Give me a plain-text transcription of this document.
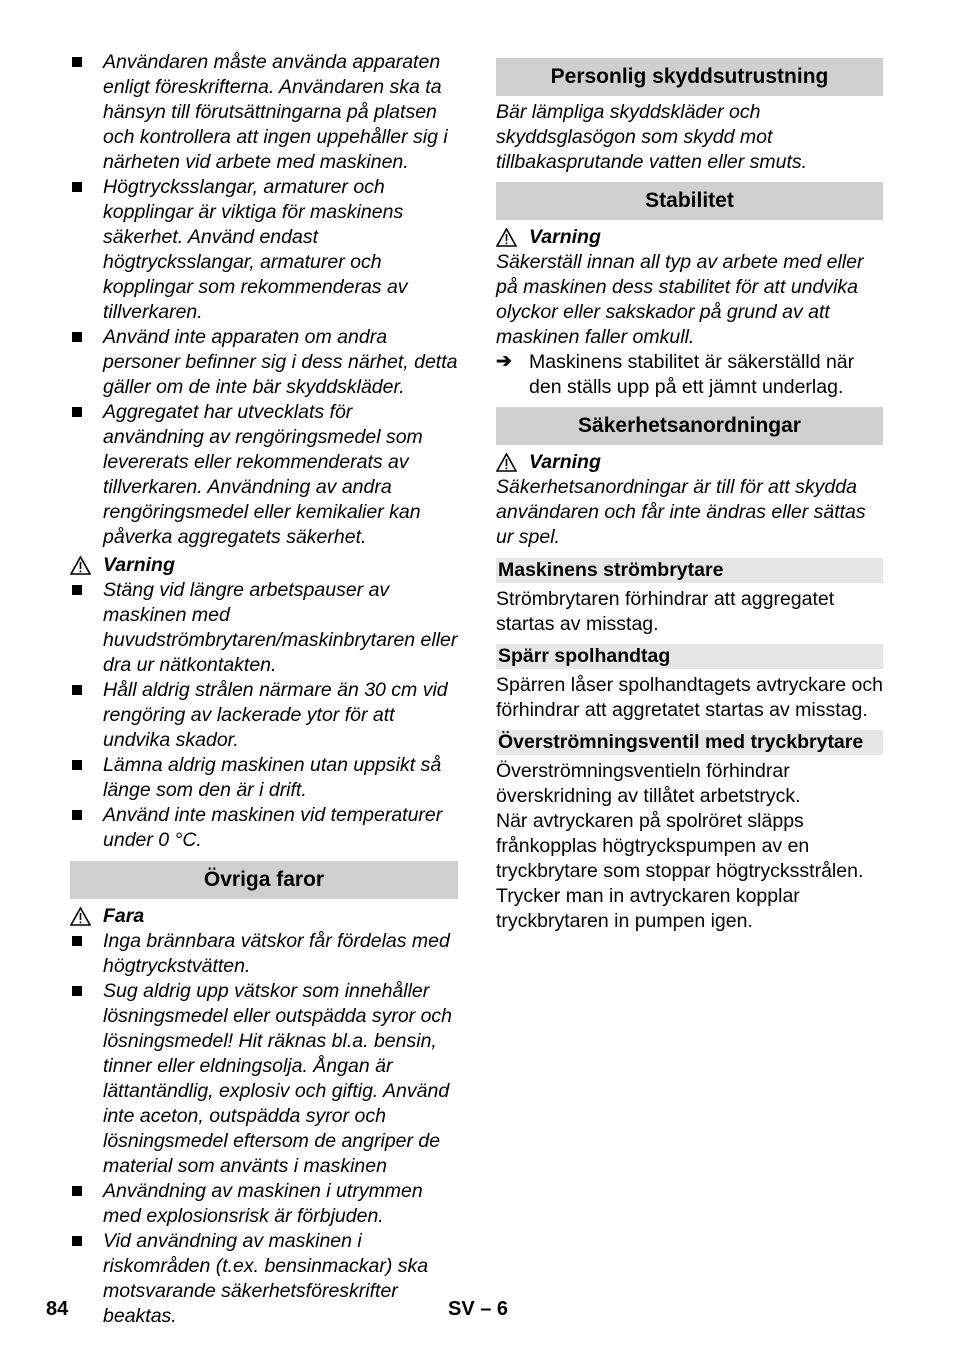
Användaren måste använda apparaten enligt föreskrifterna. Användaren ska ta hänsyn till förutsättningarna på platsen och kontrollera att ingen uppehåller sig i närheten vid arbete med maskinen.
Högtrycksslangar, armaturer och kopplingar är viktiga för maskinens säkerhet. Använd endast högtrycksslangar, armaturer och kopplingar som rekommenderas av tillverkaren.
Använd inte apparaten om andra personer befinner sig i dess närhet, detta gäller om de inte bär skyddskläder.
Aggregatet har utvecklats för användning av rengöringsmedel som levererats eller rekommenderats av tillverkaren. Användning av andra rengöringsmedel eller kemikalier kan påverka aggregatets säkerhet.
Varning
Stäng vid längre arbetspauser av maskinen med huvudströmbrytaren/maskinbrytaren eller dra ur nätkontakten.
Håll aldrig strålen närmare än 30 cm vid rengöring av lackerade ytor för att undvika skador.
Lämna aldrig maskinen utan uppsikt så länge som den är i drift.
Använd inte maskinen vid temperaturer under 0 °C.
Övriga faror
Fara
Inga brännbara vätskor får fördelas med högtryckstvätten.
Sug aldrig upp vätskor som innehåller lösningsmedel eller outspädda syror och lösningsmedel! Hit räknas bl.a. bensin, tinner eller eldningsolja. Ångan är lättantändlig, explosiv och giftig. Använd inte aceton, outspädda syror och lösningsmedel eftersom de angriper de material som använts i maskinen
Användning av maskinen i utrymmen med explosionsrisk är förbjuden.
Vid användning av maskinen i riskområden (t.ex. bensinmackar) ska motsvarande säkerhetsföreskrifter beaktas.
Personlig skyddsutrustning
Bär lämpliga skyddskläder och skyddsglasögon som skydd mot tillbakasprutande vatten eller smuts.
Stabilitet
Varning
Säkerställ innan all typ av arbete med eller på maskinen dess stabilitet för att undvika olyckor eller sakskador på grund av att maskinen faller omkull.
➔ Maskinens stabilitet är säkerställd när den ställs upp på ett jämnt underlag.
Säkerhetsanordningar
Varning
Säkerhetsanordningar är till för att skydda användaren och får inte ändras eller sättas ur spel.
Maskinens strömbrytare
Strömbrytaren förhindrar att aggregatet startas av misstag.
Spärr spolhandtag
Spärren låser spolhandtagets avtryckare och förhindrar att aggretatet startas av misstag.
Överströmningsventil med tryckbrytare
Överströmningsventieln förhindrar överskridning av tillåtet arbetstryck.
När avtryckaren på spolröret släpps frånkopplas högtryckspumpen av en tryckbrytare som stoppar högtrycksstrålen. Trycker man in avtryckaren kopplar tryckbrytaren in pumpen igen.
84	SV – 6
